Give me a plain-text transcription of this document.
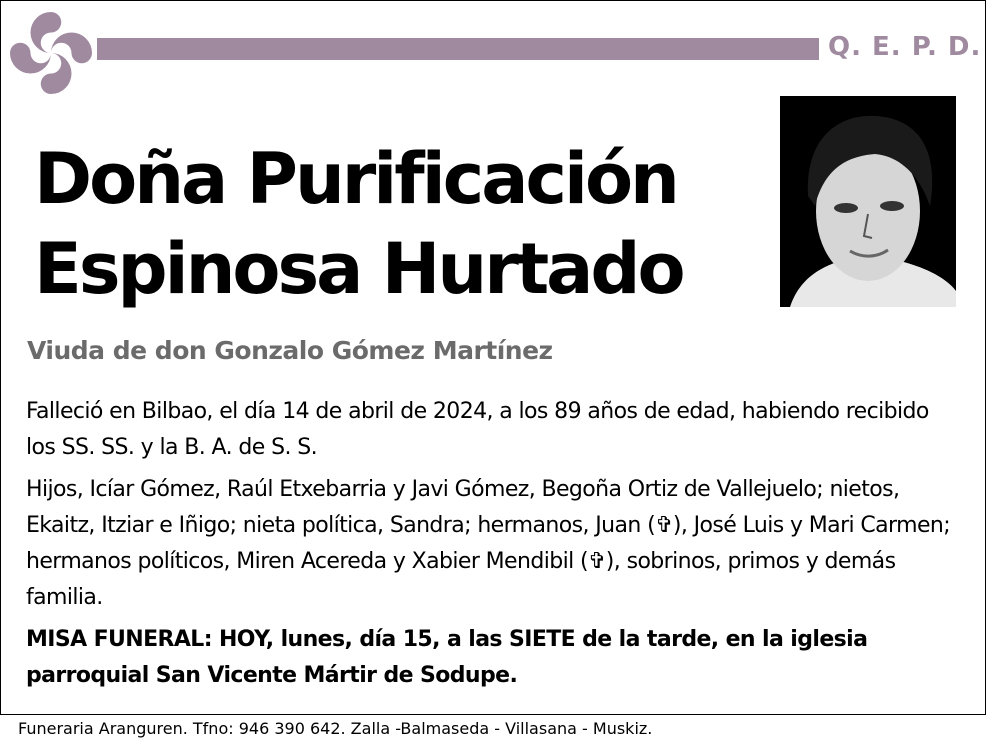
Q. E. P. D.
Doña Purificación
Espinosa Hurtado
Viuda de don Gonzalo Gómez Martínez

Falleció en Bilbao, el día 14 de abril de 2024, a los 89 años de edad, habiendo recibido los SS. SS. y la B. A. de S. S.

Hijos, Icíar Gómez, Raúl Etxebarria y Javi Gómez, Begoña Ortiz de Vallejuelo; nietos, Ekaitz, Itziar e Iñigo; nieta política, Sandra; hermanos, Juan (✞), José Luis y Mari Carmen; hermanos políticos, Miren Acereda y Xabier Mendibil (✞), sobrinos, primos y demás familia.

MISA FUNERAL: HOY, lunes, día 15, a las SIETE de la tarde, en la iglesia parroquial San Vicente Mártir de Sodupe.

Funeraria Aranguren. Tfno: 946 390 642. Zalla -Balmaseda - Villasana - Muskiz.
